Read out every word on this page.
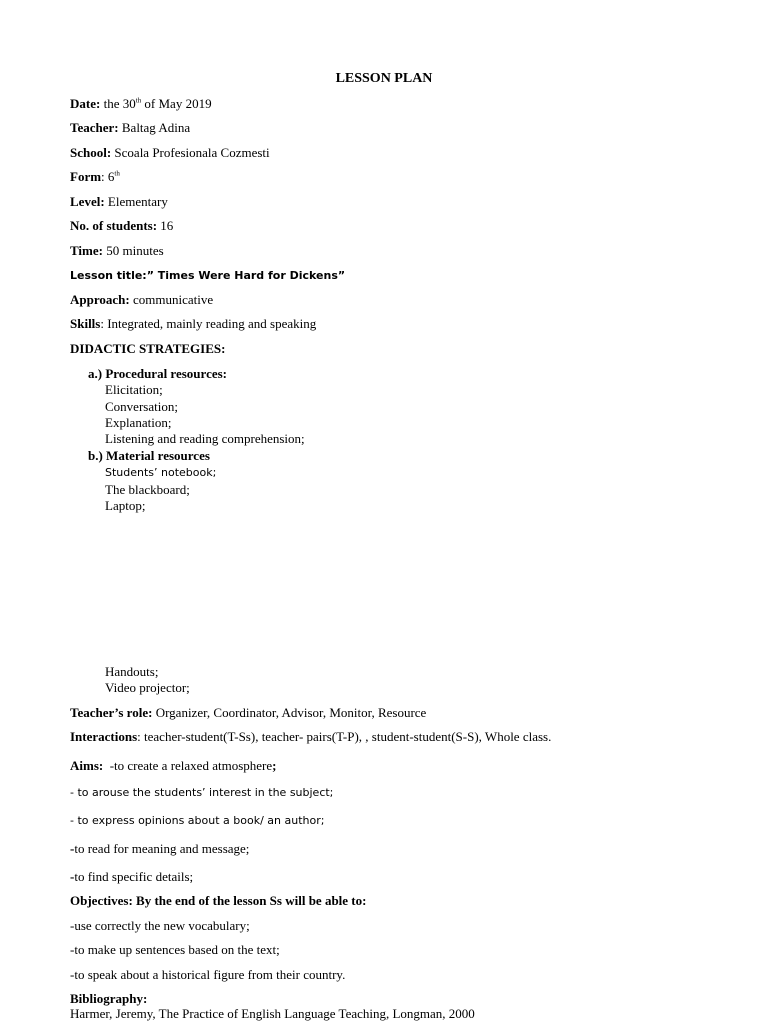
LESSON PLAN
Date: the 30th of May 2019
Teacher: Baltag Adina
School: Scoala Profesionala Cozmesti
Form: 6th
Level: Elementary
No. of students: 16
Time: 50 minutes
Lesson title:” Times Were Hard for Dickens”
Approach: communicative
Skills: Integrated, mainly reading and speaking
DIDACTIC STRATEGIES:
a.) Procedural resources:
Elicitation;
Conversation;
Explanation;
Listening and reading comprehension;
b.) Material resources
Students’ notebook;
The blackboard;
Laptop;
Handouts;
Video projector;
Teacher’s role: Organizer, Coordinator, Advisor, Monitor, Resource
Interactions: teacher-student(T-Ss), teacher- pairs(T-P), , student-student(S-S), Whole class.
Aims:  -to create a relaxed atmosphere;
- to arouse the students’ interest in the subject;
- to express opinions about a book/ an author;
-to read for meaning and message;
-to find specific details;
Objectives: By the end of the lesson Ss will be able to:
-use correctly the new vocabulary;
-to make up sentences based on the text;
-to speak about a historical figure from their country.
Bibliography:
Harmer, Jeremy, The Practice of English Language Teaching, Longman, 2000
